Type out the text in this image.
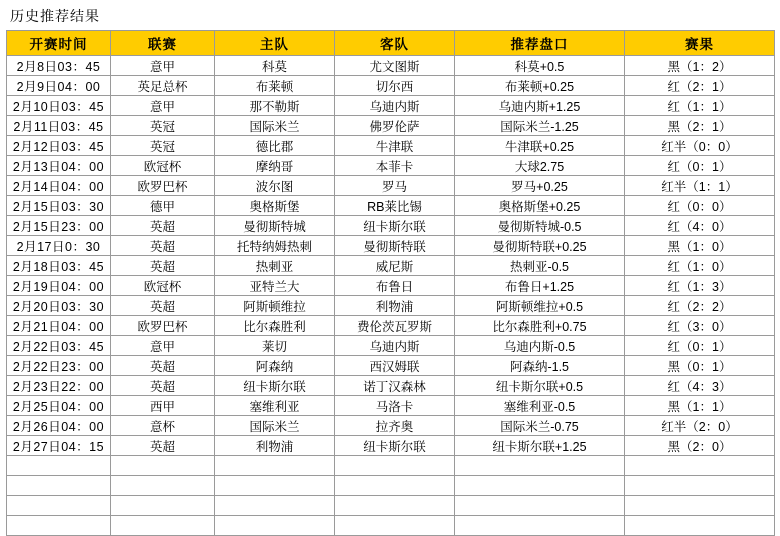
历史推荐结果
开赛时间	联赛	主队	客队	推荐盘口	赛果
2月8日03：45	意甲	科莫	尤文图斯	科莫+0.5	黑（1：2）
2月9日04：00	英足总杯	布莱顿	切尔西	布莱顿+0.25	红（2：1）
2月10日03：45	意甲	那不勒斯	乌迪内斯	乌迪内斯+1.25	红（1：1）
2月11日03：45	英冠	国际米兰	佛罗伦萨	国际米兰-1.25	黑（2：1）
2月12日03：45	英冠	德比郡	牛津联	牛津联+0.25	红半（0：0）
2月13日04：00	欧冠杯	摩纳哥	本菲卡	大球2.75	红（0：1）
2月14日04：00	欧罗巴杯	波尔图	罗马	罗马+0.25	红半（1：1）
2月15日03：30	德甲	奥格斯堡	RB莱比锡	奥格斯堡+0.25	红（0：0）
2月15日23：00	英超	曼彻斯特城	纽卡斯尔联	曼彻斯特城-0.5	红（4：0）
2月17日0：30	英超	托特纳姆热刺	曼彻斯特联	曼彻斯特联+0.25	黑（1：0）
2月18日03：45	英超	热刺亚	威尼斯	热刺亚-0.5	红（1：0）
2月19日04：00	欧冠杯	亚特兰大	布鲁日	布鲁日+1.25	红（1：3）
2月20日03：30	英超	阿斯顿维拉	利物浦	阿斯顿维拉+0.5	红（2：2）
2月21日04：00	欧罗巴杯	比尔森胜利	费伦茨瓦罗斯	比尔森胜利+0.75	红（3：0）
2月22日03：45	意甲	莱切	乌迪内斯	乌迪内斯-0.5	红（0：1）
2月22日23：00	英超	阿森纳	西汉姆联	阿森纳-1.5	黑（0：1）
2月23日22：00	英超	纽卡斯尔联	诺丁汉森林	纽卡斯尔联+0.5	红（4：3）
2月25日04：00	西甲	塞维利亚	马洛卡	塞维利亚-0.5	黑（1：1）
2月26日04：00	意杯	国际米兰	拉齐奥	国际米兰-0.75	红半（2：0）
2月27日04：15	英超	利物浦	纽卡斯尔联	纽卡斯尔联+1.25	黑（2：0）
